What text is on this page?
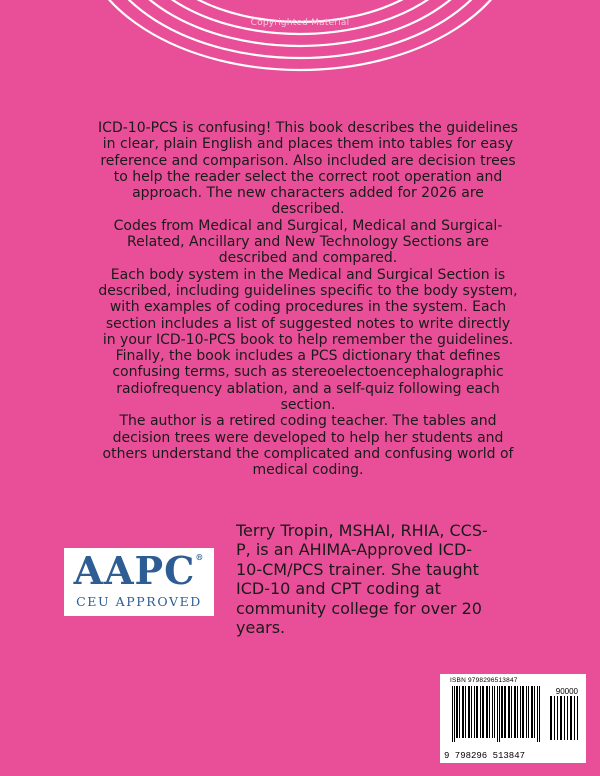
Copyrighted Material

ICD-10-PCS is confusing! This book describes the guidelines in clear, plain English and places them into tables for easy reference and comparison. Also included are decision trees to help the reader select the correct root operation and approach. The new characters added for 2026 are described.

Codes from Medical and Surgical, Medical and Surgical-Related, Ancillary and New Technology Sections are described and compared.

Each body system in the Medical and Surgical Section is described, including guidelines specific to the body system, with examples of coding procedures in the system. Each section includes a list of suggested notes to write directly in your ICD-10-PCS book to help remember the guidelines.

Finally, the book includes a PCS dictionary that defines confusing terms, such as stereoelectoencephalographic radiofrequency ablation, and a self-quiz following each section.

The author is a retired coding teacher. The tables and decision trees were developed to help her students and others understand the complicated and confusing world of medical coding.

AAPC®
CEU APPROVED
Terry Tropin, MSHAI, RHIA, CCS-P, is an AHIMA-Approved ICD-10-CM/PCS trainer. She taught ICD-10 and CPT coding at community college for over 20 years.
ISBN 9798296513847
90000
9 798296 513847
